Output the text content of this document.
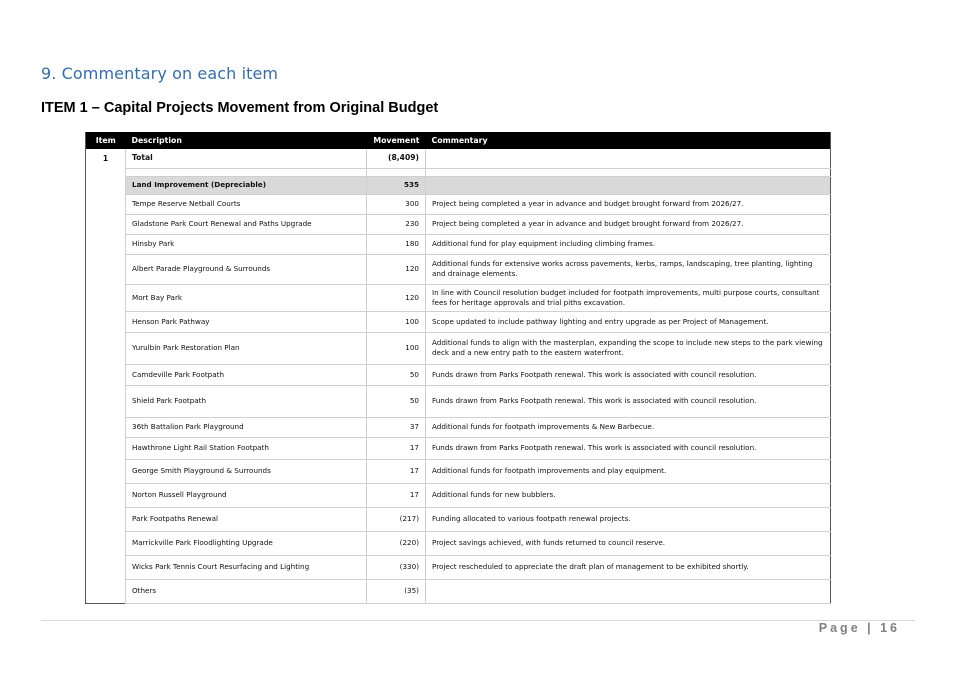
9. Commentary on each item
ITEM 1 – Capital Projects Movement from Original Budget
Item	Description	Movement	Commentary
1	Total	(8,409)	

	Land Improvement (Depreciable)	535	
	Tempe Reserve Netball Courts	300	Project being completed a year in advance and budget brought forward from 2026/27.
	Gladstone Park Court Renewal and Paths Upgrade	230	Project being completed a year in advance and budget brought forward from 2026/27.
	Hinsby Park	180	Additional fund for play equipment including climbing frames.
	Albert Parade Playground & Surrounds	120	Additional funds for extensive works across pavements, kerbs, ramps, landscaping, tree planting, lighting and drainage elements.
	Mort Bay Park	120	In line with Council resolution budget included for footpath improvements, multi purpose courts, consultant fees for heritage approvals and trial piths excavation.
	Henson Park Pathway	100	Scope updated to include pathway lighting and entry upgrade as per Project of Management.
	Yurulbin Park Restoration Plan	100	Additional funds to align with the masterplan, expanding the scope to include new steps to the park viewing deck and a new entry path to the eastern waterfront.
	Camdeville Park Footpath	50	Funds drawn from Parks Footpath renewal. This work is associated with council resolution.
	Shield Park Footpath	50	Funds drawn from Parks Footpath renewal. This work is associated with council resolution.
	36th Battalion Park Playground	37	Additional funds for footpath improvements & New Barbecue.
	Hawthrone Light Rail Station Footpath	17	Funds drawn from Parks Footpath renewal. This work is associated with council resolution.
	George Smith Playground & Surrounds	17	Additional funds for footpath improvements and play equipment.
	Norton Russell Playground	17	Additional funds for new bubblers.
	Park Footpaths Renewal	(217)	Funding allocated to various footpath renewal projects.
	Marrickville Park Floodlighting Upgrade	(220)	Project savings achieved, with funds returned to council reserve.
	Wicks Park Tennis Court Resurfacing and Lighting	(330)	Project rescheduled to appreciate the draft plan of management to be exhibited shortly.
	Others	(35)	
Page | 16
